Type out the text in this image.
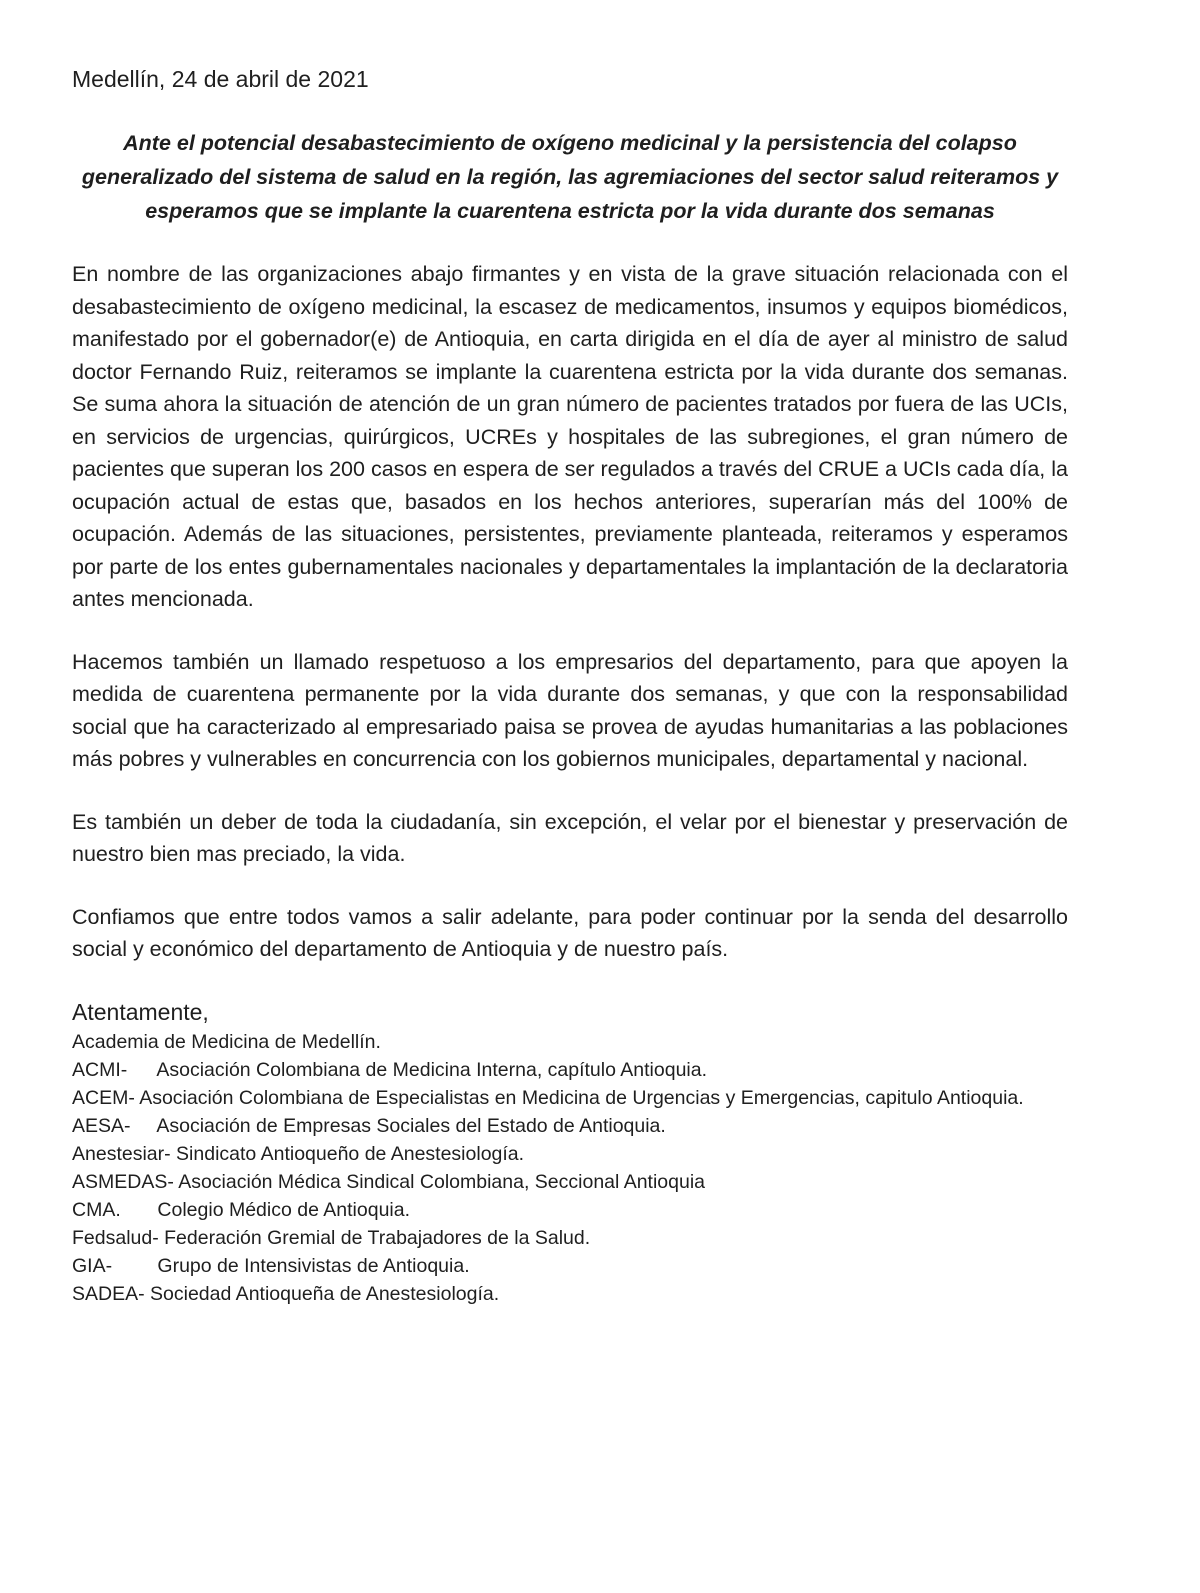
Medellín, 24 de abril de 2021

Ante el potencial desabastecimiento de oxígeno medicinal y la persistencia del colapso generalizado del sistema de salud en la región, las agremiaciones del sector salud reiteramos y esperamos que se implante la cuarentena estricta por la vida durante dos semanas

En nombre de las organizaciones abajo firmantes y en vista de la grave situación relacionada con el desabastecimiento de oxígeno medicinal, la escasez de medicamentos, insumos y equipos biomédicos, manifestado por el gobernador(e) de Antioquia, en carta dirigida en el día de ayer al ministro de salud doctor Fernando Ruiz, reiteramos se implante la cuarentena estricta por la vida durante dos semanas. Se suma ahora la situación de atención de un gran número de pacientes tratados por fuera de las UCIs, en servicios de urgencias, quirúrgicos, UCREs y hospitales de las subregiones, el gran número de pacientes que superan los 200 casos en espera de ser regulados a través del CRUE a UCIs cada día, la ocupación actual de estas que, basados en los hechos anteriores, superarían más del 100% de ocupación. Además de las situaciones, persistentes, previamente planteada, reiteramos y esperamos por parte de los entes gubernamentales nacionales y departamentales la implantación de la declaratoria antes mencionada.

Hacemos también un llamado respetuoso a los empresarios del departamento, para que apoyen la medida de cuarentena permanente por la vida durante dos semanas, y que con la responsabilidad social que ha caracterizado al empresariado paisa se provea de ayudas humanitarias a las poblaciones más pobres y vulnerables en concurrencia con los gobiernos municipales, departamental y nacional.

Es también un deber de toda la ciudadanía, sin excepción, el velar por el bienestar y preservación de nuestro bien mas preciado, la vida.

Confiamos que entre todos vamos a salir adelante, para poder continuar por la senda del desarrollo social y económico del departamento de Antioquia y de nuestro país.

Atentamente,

Academia de Medicina de Medellín.
ACMI- Asociación Colombiana de Medicina Interna, capítulo Antioquia.
ACEM- Asociación Colombiana de Especialistas en Medicina de Urgencias y Emergencias, capitulo Antioquia.
AESA- Asociación de Empresas Sociales del Estado de Antioquia.
Anestesiar- Sindicato Antioqueño de Anestesiología.
ASMEDAS- Asociación Médica Sindical Colombiana, Seccional Antioquia
CMA. Colegio Médico de Antioquia.
Fedsalud- Federación Gremial de Trabajadores de la Salud.
GIA- Grupo de Intensivistas de Antioquia.
SADEA- Sociedad Antioqueña de Anestesiología.
